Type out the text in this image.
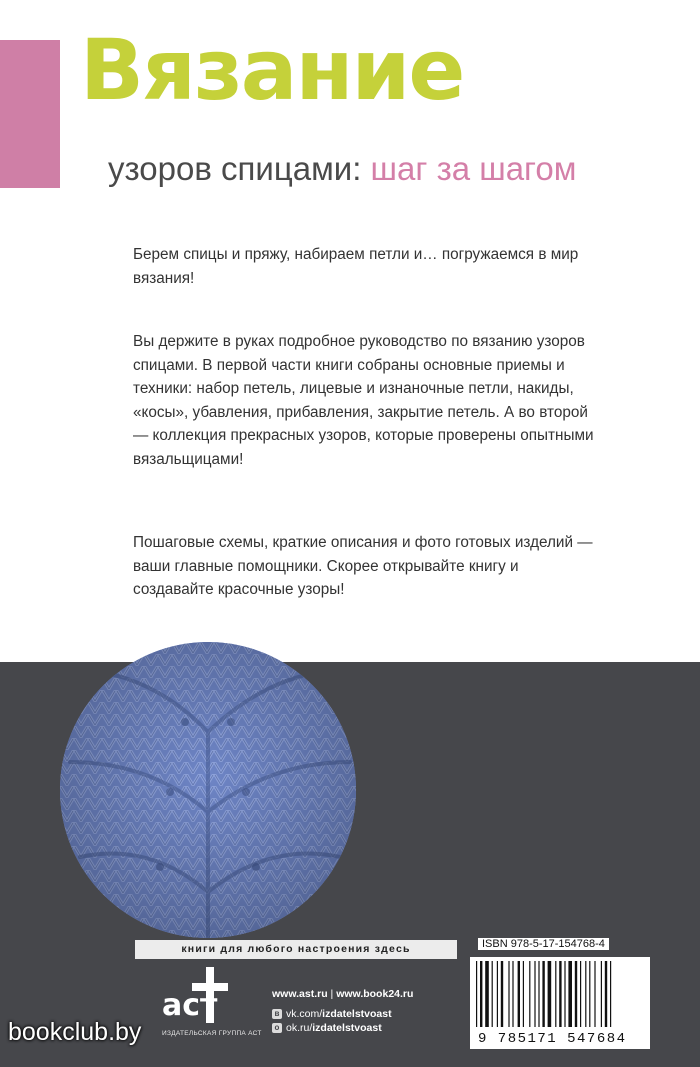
Вязание
узоров спицами: шаг за шагом

Берем спицы и пряжу, набираем петли и… погружаемся в мир вязания!

Вы держите в руках подробное руководство по вязанию узоров спицами. В первой части книги собраны основные приемы и техники: набор петель, лицевые и изнаночные петли, накиды, «косы», убавления, прибавления, закрытие петель. А во второй — коллекция прекрасных узоров, которые проверены опытными вязальщицами!

Пошаговые схемы, краткие описания и фото готовых изделий — ваши главные помощники. Скорее открывайте книгу и создавайте красочные узоры!

книги для любого настроения здесь
аст
ИЗДАТЕЛЬСКАЯ ГРУППА АСТ
www.ast.ru | www.book24.ru
в vk.com/izdatelstvoast
o ok.ru/izdatelstvoast
ISBN 978-5-17-154768-4
9 785171 547684
bookclub.by
